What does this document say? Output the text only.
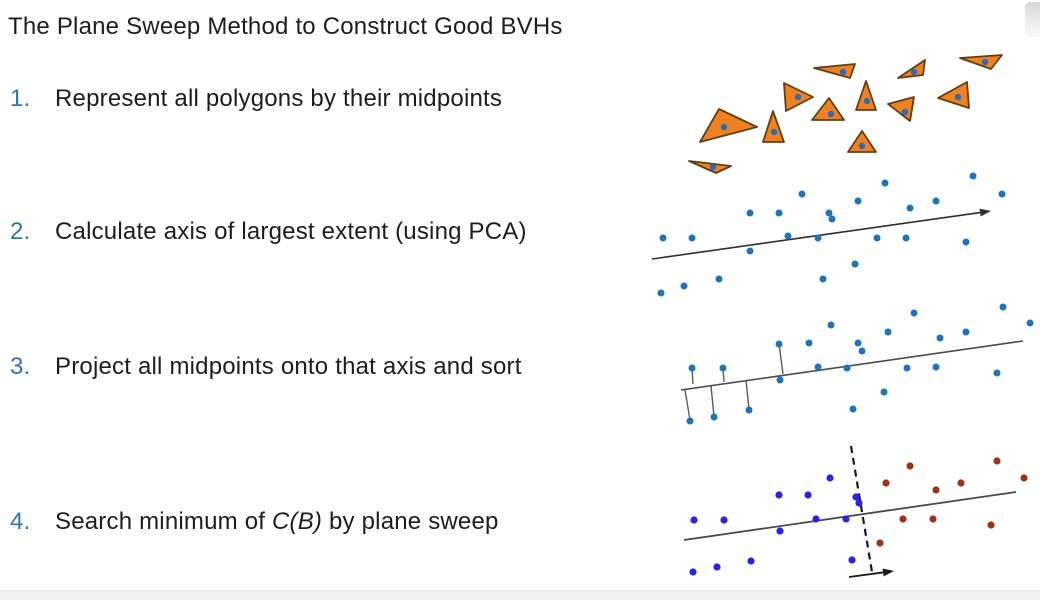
The Plane Sweep Method to Construct Good BVHs
1. Represent all polygons by their midpoints
2. Calculate axis of largest extent (using PCA)
3. Project all midpoints onto that axis and sort
4. Search minimum of C(B) by plane sweep
